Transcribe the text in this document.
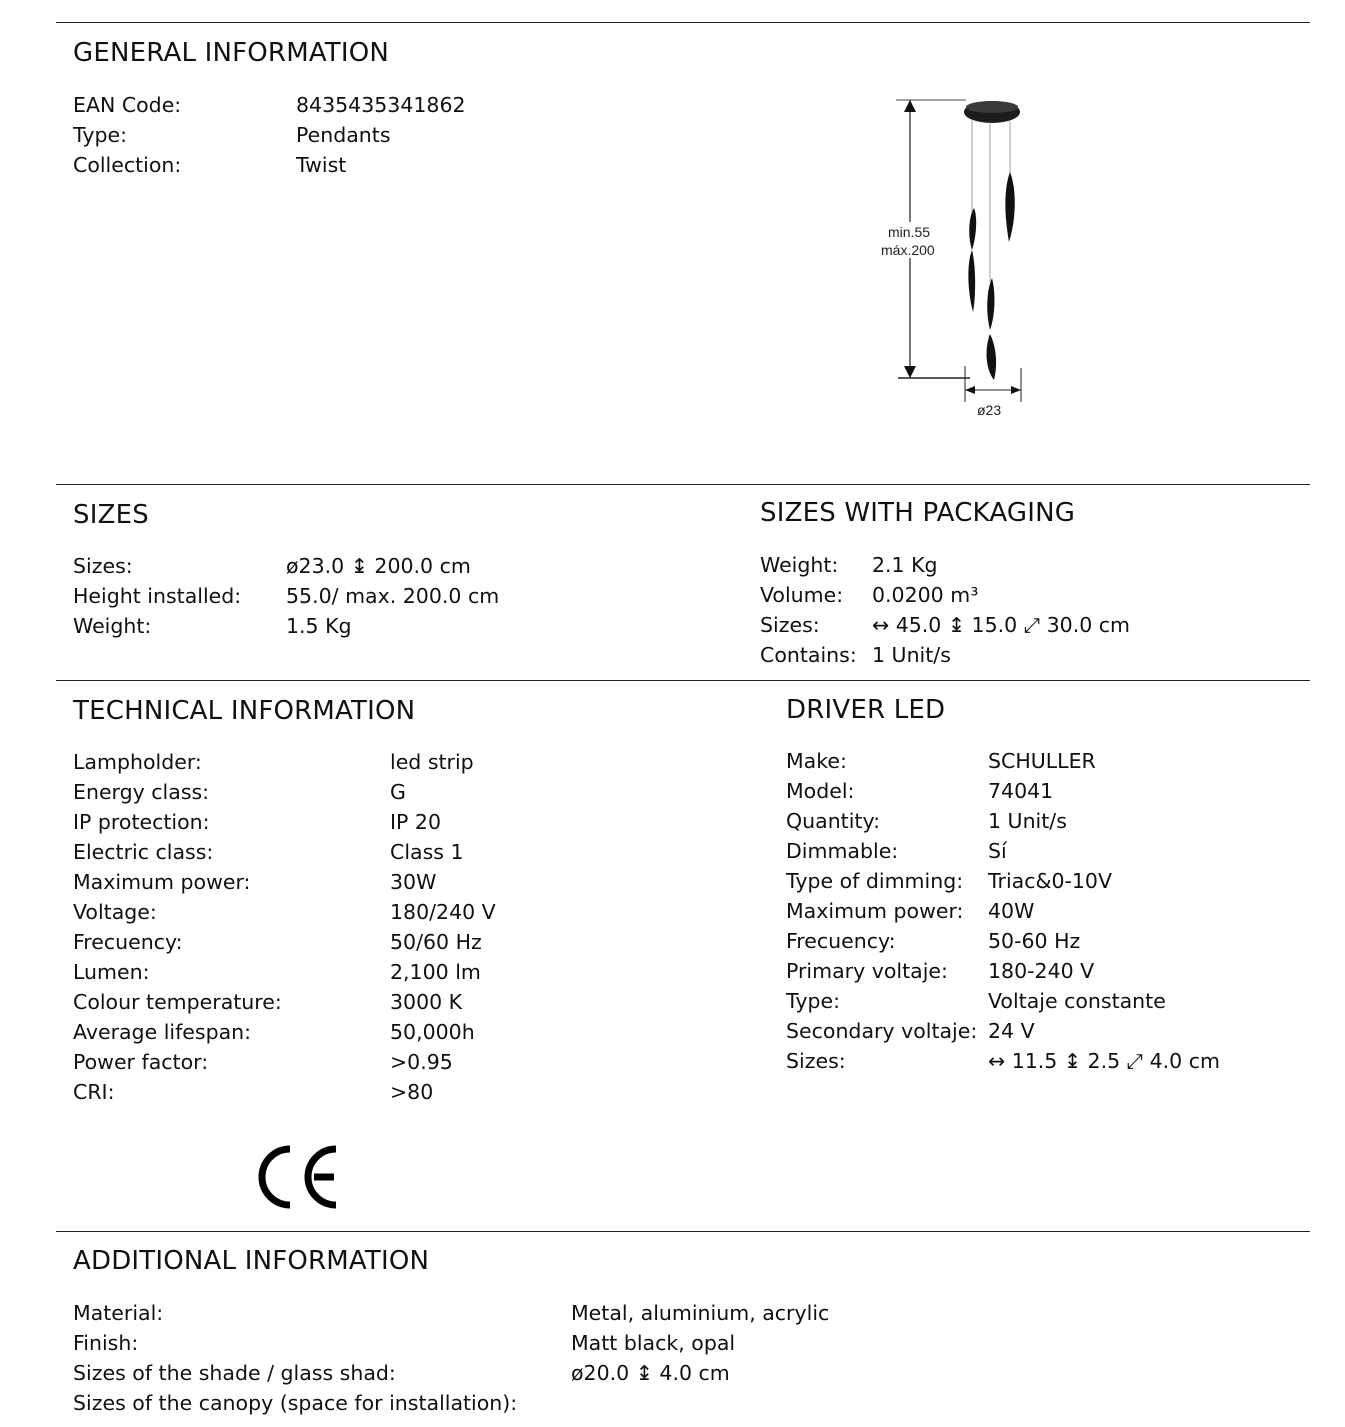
GENERAL INFORMATION
EAN Code:	8435435341862
Type:	Pendants
Collection:	Twist
min.55
máx.200
ø23
SIZES
Sizes:	ø23.0 ↨ 200.0 cm
Height installed: 55.0/ max. 200.0 cm
Weight:	1.5 Kg
SIZES WITH PACKAGING
Weight: 2.1 Kg
Volume: 0.0200 m³
Sizes:	↔ 45.0 ↨ 15.0 ⤢ 30.0 cm
Contains: 1 Unit/s
TECHNICAL INFORMATION
Lampholder:	led strip
Energy class:	G
IP protection:	IP 20
Electric class:	Class 1
Maximum power:	30W
Voltage:	180/240 V
Frecuency:	50/60 Hz
Lumen:	2,100 lm
Colour temperature:	3000 K
Average lifespan:	50,000h
Power factor:	>0.95
CRI:	>80
DRIVER LED
Make:	SCHULLER
Model:	74041
Quantity:	1 Unit/s
Dimmable:	Sí
Type of dimming: Triac&0-10V
Maximum power: 40W
Frecuency:	50-60 Hz
Primary voltaje: 180-240 V
Type:	Voltaje constante
Secondary voltaje: 24 V
Sizes:	↔ 11.5 ↨ 2.5 ⤢ 4.0 cm
ADDITIONAL INFORMATION
Material:	Metal, aluminium, acrylic
Finish:	Matt black, opal
Sizes of the shade / glass shad:	ø20.0 ↨ 4.0 cm
Sizes of the canopy (space for installation):
